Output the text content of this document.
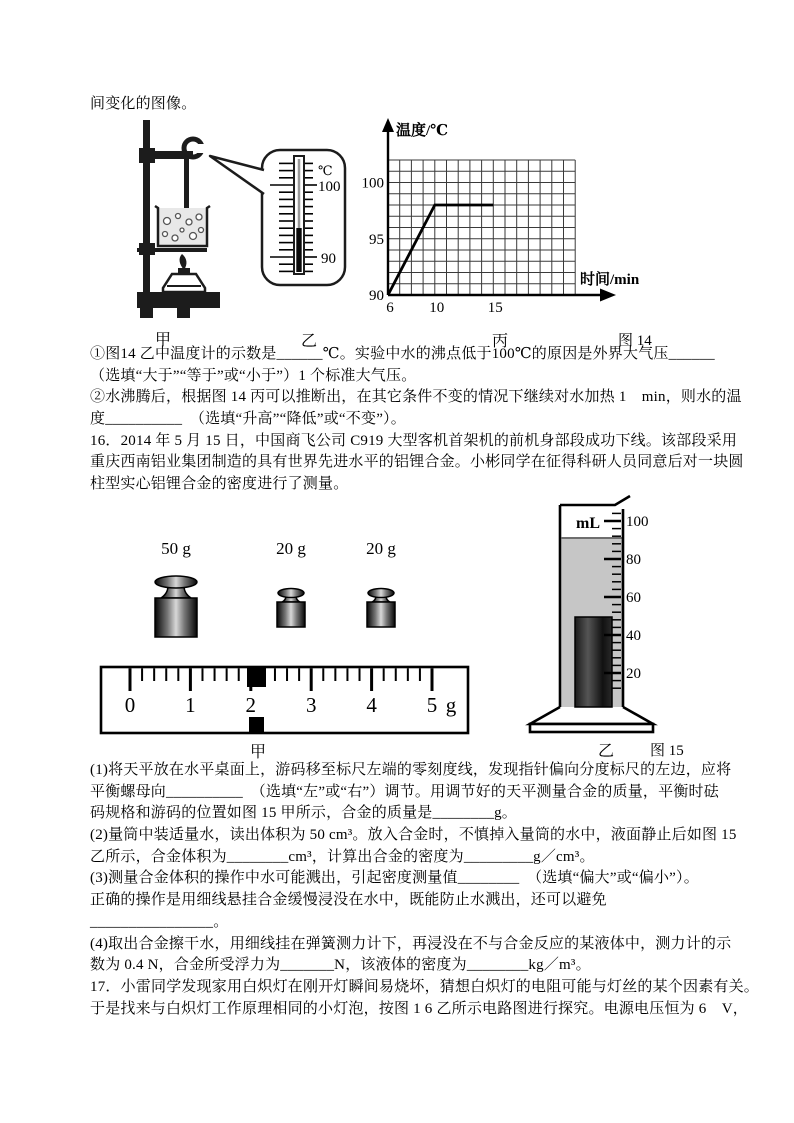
间变化的图像。
℃
100
90
温度/℃
时间/min
90
95
100
6 10	15
甲	乙	丙	图 14
①图14 乙中温度计的示数是______℃。实验中水的沸点低于100℃的原因是外界大气压______
（选填“大于”“等于”或“小于”）1 个标准大气压。
②水沸腾后，根据图 14 丙可以推断出，在其它条件不变的情况下继续对水加热 1　min，则水的温
度__________　（选填“升高”“降低”或“不变”）。
16．2014 年 5 月 15 日，中国商飞公司 C919 大型客机首架机的前机身部段成功下线。该部段采用
重庆西南铝业集团制造的具有世界先进水平的铝锂合金。小彬同学在征得科研人员同意后对一块圆
柱型实心铝锂合金的密度进行了测量。
50 g	20 g	20 g
0 1 2 3 4 5 g
mL 100
80
60
40
20
甲	乙 图 15
(1)将天平放在水平桌面上，游码移至标尺左端的零刻度线，发现指针偏向分度标尺的左边，应将
平衡螺母向__________　（选填“左”或“右”）调节。用调节好的天平测量合金的质量，平衡时砝
码规格和游码的位置如图 15 甲所示，合金的质量是________g。
(2)量筒中装适量水，读出体积为 50 cm³。放入合金时，不慎掉入量筒的水中，液面静止后如图 15
乙所示，合金体积为________cm³，计算出合金的密度为_________g／cm³。
(3)测量合金体积的操作中水可能溅出，引起密度测量值________　（选填“偏大”或“偏小”）。
正确的操作是用细线悬挂合金缓慢浸没在水中，既能防止水溅出，还可以避免
________________。
(4)取出合金擦干水，用细线挂在弹簧测力计下，再浸没在不与合金反应的某液体中，测力计的示
数为 0.4 N，合金所受浮力为_______N，该液体的密度为________kg／m³。
17．小雷同学发现家用白炽灯在刚开灯瞬间易烧坏，猜想白炽灯的电阻可能与灯丝的某个因素有关。
于是找来与白炽灯工作原理相同的小灯泡，按图 1 6 乙所示电路图进行探究。电源电压恒为 6　V，
